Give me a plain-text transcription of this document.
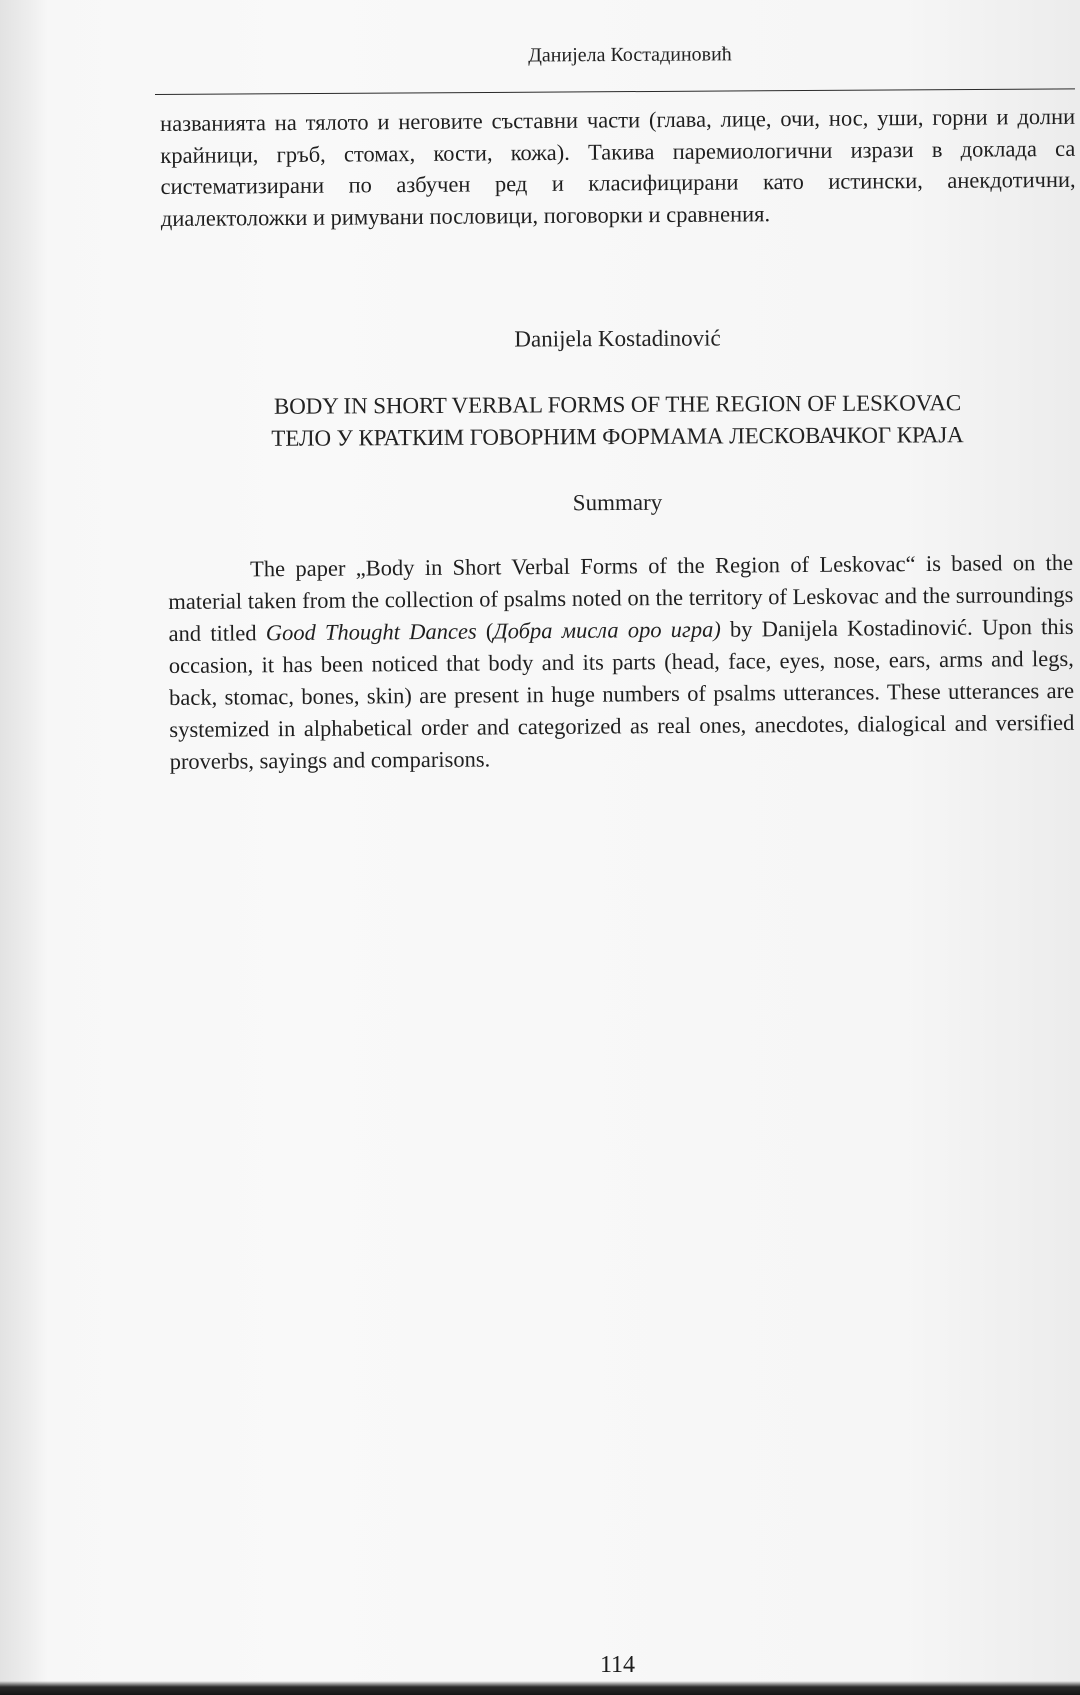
Данијела Костадиновић

названията на тялото и неговите съставни части (глава, лице, очи, нос, уши, горни и долни крайници, гръб, стомах, кости, кожа). Такива паремиологични изрази в доклада са систематизирани по азбучен ред и класифицирани като истински, анекдотични, диалектоложки и римувани пословици, поговорки и сравнения.

Danijela Kostadinović
BODY IN SHORT VERBAL FORMS OF THE REGION OF LESKOVAC
ТЕЛО У КРАТКИМ ГОВОРНИМ ФОРМАМА ЛЕСКОВАЧКОГ КРАЈА
Summary

The paper „Body in Short Verbal Forms of the Region of Leskovac“ is based on the material taken from the collection of psalms noted on the territory of Leskovac and the surroundings and titled Good Thought Dances (Добра мисла оро игра) by Danijela Kostadinović. Upon this occasion, it has been noticed that body and its parts (head, face, eyes, nose, ears, arms and legs, back, stomac, bones, skin) are present in huge numbers of psalms utterances. These utterances are systemized in alphabetical order and categorized as real ones, anecdotes, dialogical and versified proverbs, sayings and comparisons.

114
